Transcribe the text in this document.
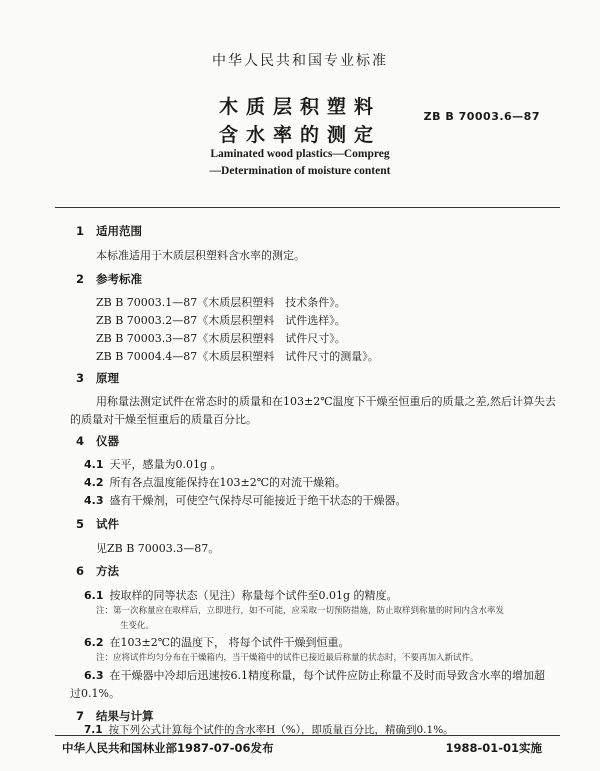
中华人民共和国专业标准
木质层积塑料
含水率的测定
ZB B 70003.6—87
Laminated wood plastics—Compreg
—Determination of moisture content
1 适用范围
本标准适用于木质层积塑料含水率的测定。
2 参考标准
ZB B 70003.1—87《木质层积塑料　技术条件》。
ZB B 70003.2—87《木质层积塑料　试件选样》。
ZB B 70003.3—87《木质层积塑料　试件尺寸》。
ZB B 70004.4—87《木质层积塑料　试件尺寸的测量》。
3 原理
用称量法测定试件在常态时的质量和在103±2℃温度下干燥至恒重后的质量之差,然后计算失去
的质量对干燥至恒重后的质量百分比。
4 仪器
4.1 天平，感量为0.01g 。
4.2 所有各点温度能保持在103±2℃的对流干燥箱。
4.3 盛有干燥剂，可使空气保持尽可能接近于绝干状态的干燥器。
5 试件
见ZB B 70003.3—87。
6 方法
6.1 按取样的同等状态（见注）称量每个试件至0.01g 的精度。
注：第一次称量应在取样后，立即进行，如不可能，应采取一切预防措施，防止取样到称量的时间内含水率发
生变化。
6.2 在103±2℃的温度下， 将每个试件干燥到恒重。
注：应将试件均匀分布在干燥箱内，当干燥箱中的试件已接近最后称量的状态时，不要再加入新试件。
6.3 在干燥器中冷却后迅速按6.1精度称量，每个试件应防止称量不及时而导致含水率的增加超
过0.1%。
7 结果与计算
7.1 按下列公式计算每个试件的含水率H（%），即质量百分比，精确到0.1%。
中华人民共和国林业部1987-07-06发布	1988-01-01实施
